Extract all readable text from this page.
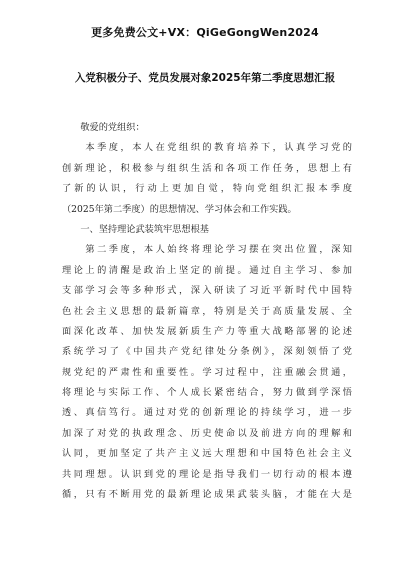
更多免费公文+VX：QiGeGongWen2024
入党积极分子、党员发展对象2025年第二季度思想汇报
　　敬爱的党组织：
　　本季度，本人在党组织的教育培养下，认真学习党的
创新理论，积极参与组织生活和各项工作任务，思想上有
了新的认识，行动上更加自觉，特向党组织汇报本季度
（2025年第二季度）的思想情况、学习体会和工作实践。
　　一、坚持理论武装筑牢思想根基
　　第二季度，本人始终将理论学习摆在突出位置，深知
理论上的清醒是政治上坚定的前提。通过自主学习、参加
支部学习会等多种形式，深入研读了习近平新时代中国特
色社会主义思想的最新篇章，特别是关于高质量发展、全
面深化改革、加快发展新质生产力等重大战略部署的论述
系统学习了《中国共产党纪律处分条例》，深刻领悟了党
规党纪的严肃性和重要性。学习过程中，注重融会贯通，
将理论与实际工作、个人成长紧密结合，努力做到学深悟
透、真信笃行。通过对党的创新理论的持续学习，进一步
加深了对党的执政理念、历史使命以及前进方向的理解和
认同，更加坚定了共产主义远大理想和中国特色社会主义
共同理想。认识到党的理论是指导我们一切行动的根本遵
循，只有不断用党的最新理论成果武装头脑，才能在大是
